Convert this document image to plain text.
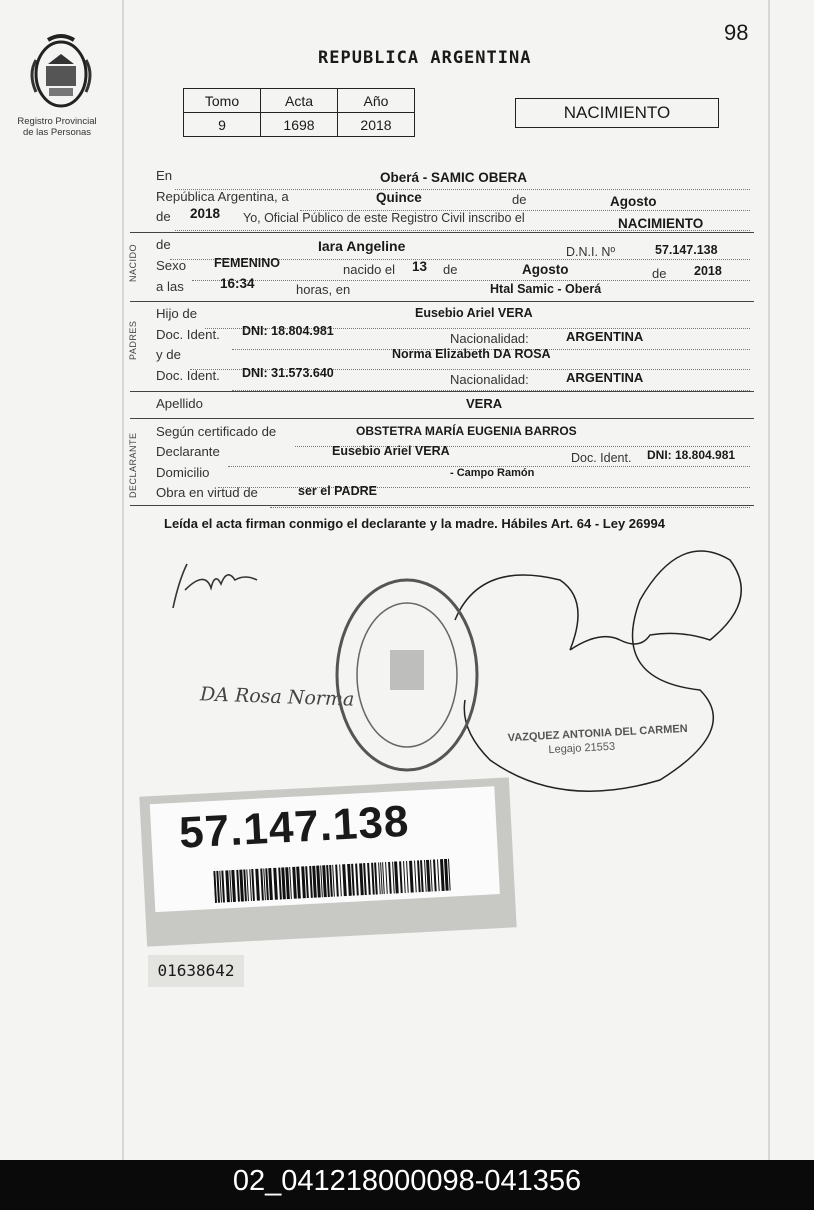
Registro Provincial
de las Personas
98
REPUBLICA ARGENTINA
Tomo	Acta	Año
9	1698	2018
NACIMIENTO
En	Oberá - SAMIC OBERA
República Argentina, a	Quince	de	Agosto
de 2018 Yo, Oficial Público de este Registro Civil inscribo el	NACIMIENTO
NACIDO de	Iara Angeline	D.N.I. Nº	57.147.138
Sexo FEMENINO	nacido el 13 de	Agosto	de 2018
a las	16:34	horas, en	Htal Samic - Oberá
PADRES
Hijo de	Eusebio Ariel VERA
Doc. Ident. DNI: 18.804.981	Nacionalidad:	ARGENTINA
y de	Norma Elizabeth DA ROSA
Doc. Ident. DNI: 31.573.640	Nacionalidad:	ARGENTINA
Apellido	VERA
DECLARANTE
Según certificado de	OBSTETRA MARÍA EUGENIA BARROS
Declarante	Eusebio Ariel VERA	Doc. Ident. DNI: 18.804.981
Domicilio	- Campo Ramón
Obra en virtud de	ser el PADRE
Leída el acta firman conmigo el declarante y la madre. Hábiles Art. 64 - Ley 26994
DA Rosa Norma
VAZQUEZ ANTONIA DEL CARMEN
Legajo 21553
57.147.138
01638642
02_041218000098-041356
